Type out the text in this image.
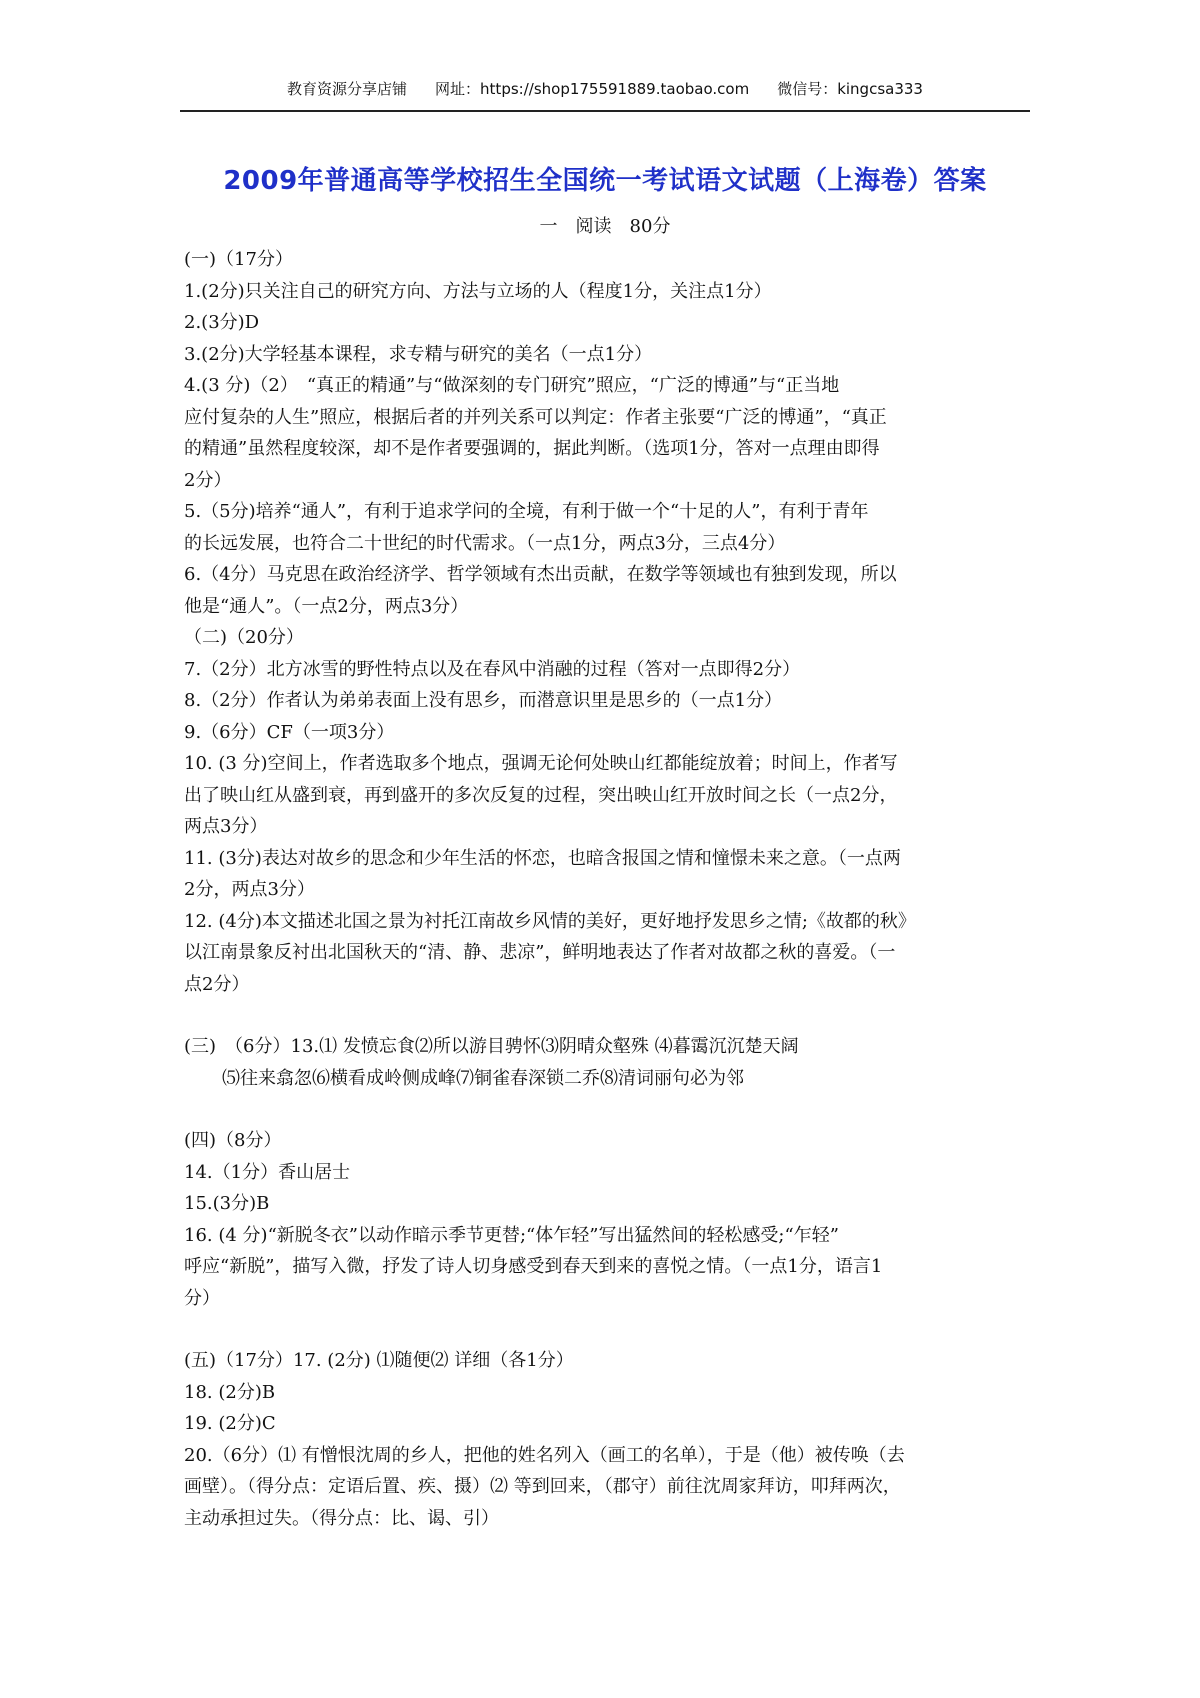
教育资源分享店铺 网址：https://shop175591889.taobao.com 微信号：kingcsa333
2009年普通高等学校招生全国统一考试语文试题（上海卷）答案
一　阅读　80分

(一)（17分）

1.(2分)只关注自己的研究方向、方法与立场的人（程度1分，关注点1分）

2.(3分)D

3.(2分)大学轻基本课程，求专精与研究的美名（一点1分）

4.(3 分)（2）　“真正的精通”与“做深刻的专门研究”照应，“广泛的博通”与“正当地

应付复杂的人生”照应，根据后者的并列关系可以判定：作者主张要“广泛的博通”，“真正

的精通”虽然程度较深，却不是作者要强调的，据此判断。（选项1分，答对一点理由即得

2分）

5.（5分)培养“通人”，有利于追求学问的全境，有利于做一个“十足的人”，有利于青年

的长远发展，也符合二十世纪的时代需求。（一点1分，两点3分，三点4分）

6.（4分）马克思在政治经济学、哲学领域有杰出贡献，在数学等领域也有独到发现，所以

他是“通人”。（一点2分，两点3分）

（二)（20分）

7.（2分）北方冰雪的野性特点以及在春风中消融的过程（答对一点即得2分）

8.（2分）作者认为弟弟表面上没有思乡，而潜意识里是思乡的（一点1分）

9.（6分）CF（一项3分）

10. (3 分)空间上，作者选取多个地点，强调无论何处映山红都能绽放着；时间上，作者写

出了映山红从盛到衰，再到盛开的多次反复的过程，突出映山红开放时间之长（一点2分，

两点3分）

11. (3分)表达对故乡的思念和少年生活的怀恋，也暗含报国之情和憧憬未来之意。（一点两

2分，两点3分）

12. (4分)本文描述北国之景为衬托江南故乡风情的美好，更好地抒发思乡之情;《故都的秋》

以江南景象反衬出北国秋天的“清、静、悲凉”，鲜明地表达了作者对故都之秋的喜爱。（一

点2分）

(三)　（6分）13.⑴ 发愤忘食⑵所以游目骋怀⑶阴晴众壑殊 ⑷暮霭沉沉楚天阔

⑸往来翕忽⑹横看成岭侧成峰⑺铜雀春深锁二乔⑻清词丽句必为邻

(四)（8分）

14.（1分）香山居士

15.(3分)B

16. (4 分)“新脱冬衣”以动作暗示季节更替;“体乍轻”写出猛然间的轻松感受;“乍轻”

呼应“新脱”，描写入微，抒发了诗人切身感受到春天到来的喜悦之情。（一点1分，语言1

分）

(五)（17分）17. (2分) ⑴随便⑵ 详细（各1分）

18. (2分)B

19. (2分)C

20.（6分）⑴ 有憎恨沈周的乡人，把他的姓名列入（画工的名单），于是（他）被传唤（去

画壁）。（得分点：定语后置、疾、摄）⑵ 等到回来，（郡守）前往沈周家拜访，叩拜两次，

主动承担过失。（得分点：比、谒、引）
